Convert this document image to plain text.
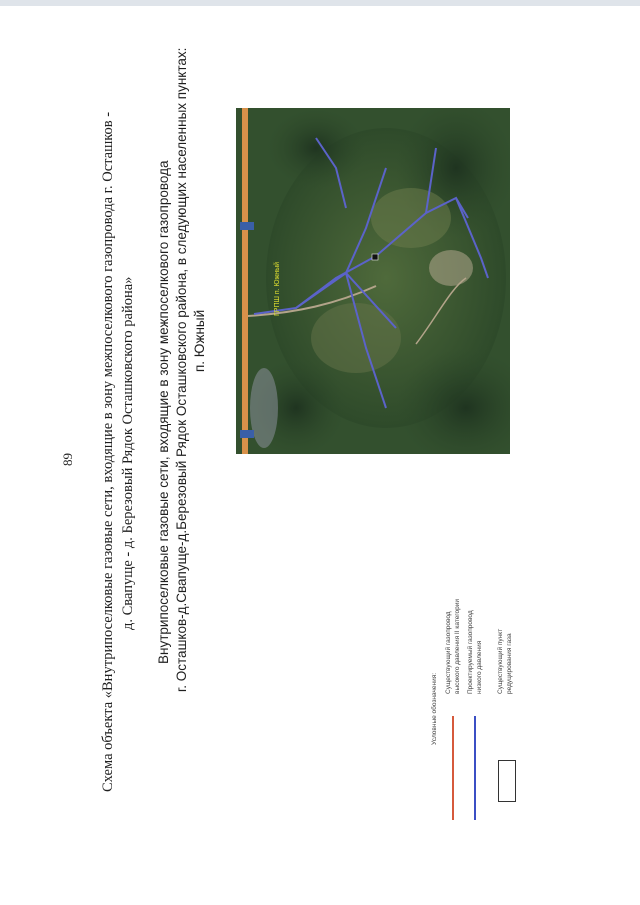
89 Схема объекта «Внутрипоселковые газовые сети, входящие в зону межпоселкового газопровода г. Осташков - д. Свапуще - д. Березовый Рядок Осташковского района» Внутрипоселковые газовые сети, входящие в зону межпоселкового газопровода г. Осташков-д.Свапуще-д.Березовый Рядок Осташковского района, в следующих населенных пунктах: п. Южный
ГРПШ п. Южный
Условные обозначения:
Существующий газопровод высокого давления II категории Проектируемый газопровод низкого давления Существующий пункт редуцирования газа
